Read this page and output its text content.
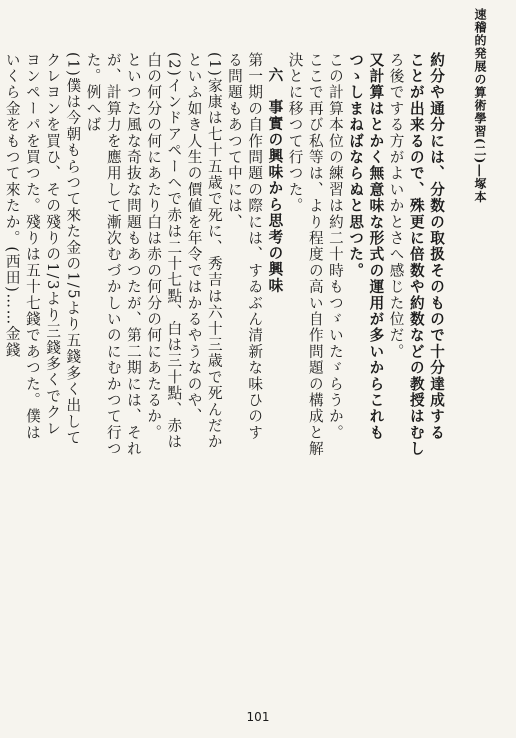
速稽的発展の算術學習(二)―塚本
約分や通分には、分数の取扱そのもので十分達成する
ことが出来るので、殊更に倍数や約数などの教授はむし
ろ後でする方がよいかとさへ感じた位だ。
又計算はとかく無意味な形式の運用が多いからこれも
つゝしまねばならぬと思つた。
この計算本位の練習は約二十時もつゞいたゞらうか。
ここで再び私等は、より程度の高い自作問題の構成と解
決とに移つて行つた。
六　事實の興味から思考の興味
第一期の自作問題の際には、すゐぶん清新な味ひのす
る問題もあつて中には、
(1)家康は七十五歳で死に、秀吉は六十三歳で死んだか
といふ如き人生の價値を年令ではかるやうなのや、
(2)インドアペーヘで赤は二十七點、白は三十點、赤は
白の何分の何にあたり白は赤の何分の何にあたるか。
といつた風な奇抜な問題もあつたが、第二期には、それ
が、計算力を應用して漸次むづかしいのにむかつて行つ
た。例へば
(1)僕は今朝もらつて來た金の1/5より五錢多く出して
クレヨンを買ひ、その殘りの1/3より三錢多くでクレ
ヨンペーパを買つた。殘りは五十七錢であつた。僕は
いくら金をもつて來たか。(西田)……金錢
101
